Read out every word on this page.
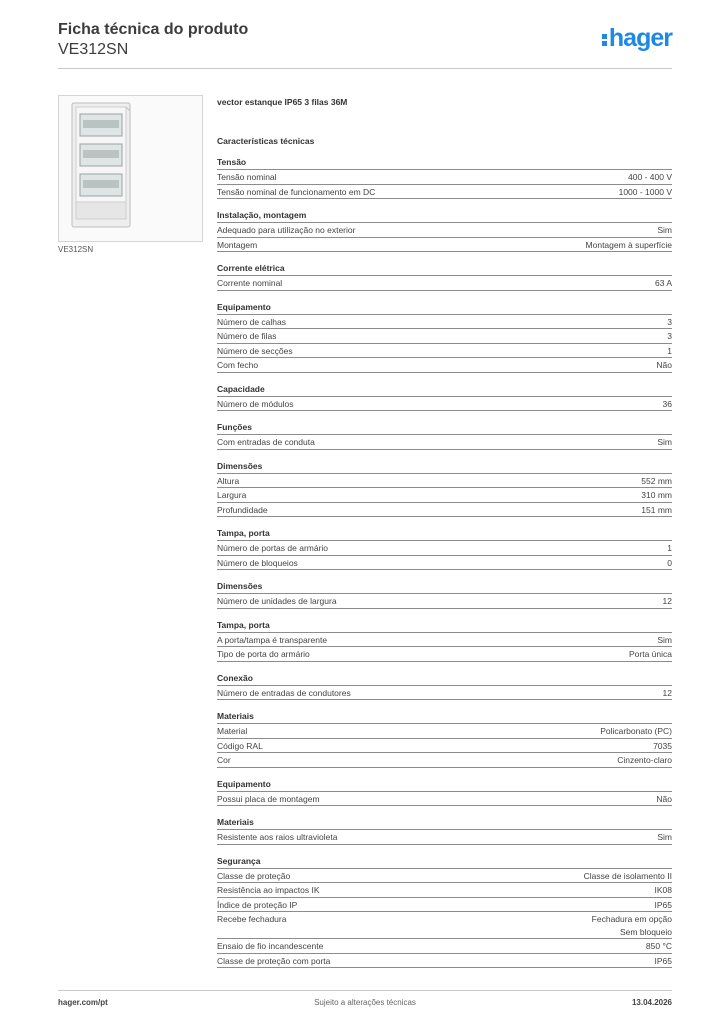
Ficha técnica do produto

VE312SN	hager
VE312SN
vector estanque IP65 3 filas 36M
Características técnicas
Tensão
Tensão nominal	400 - 400 V
Tensão nominal de funcionamento em DC	1000 - 1000 V
Instalação, montagem
Adequado para utilização no exterior	Sim
Montagem	Montagem à superfície
Corrente elétrica
Corrente nominal	63 A
Equipamento
Número de calhas	3
Número de filas	3
Número de secções	1
Com fecho	Não
Capacidade
Número de módulos	36
Funções
Com entradas de conduta	Sim
Dimensões
Altura	552 mm
Largura	310 mm
Profundidade	151 mm
Tampa, porta
Número de portas de armário	1
Número de bloqueios	0
Dimensões
Número de unidades de largura	12
Tampa, porta
A porta/tampa é transparente	Sim
Tipo de porta do armário	Porta única
Conexão
Número de entradas de condutores	12
Materiais
Material	Policarbonato (PC)
Código RAL	7035
Cor	Cinzento-claro
Equipamento
Possui placa de montagem	Não
Materiais
Resistente aos raios ultravioleta	Sim
Segurança
Classe de proteção	Classe de isolamento II
Resistência ao impactos IK	IK08
Índice de proteção IP	IP65
Recebe fechadura	Fechadura em opção
Sem bloqueio
Ensaio de fio incandescente	850 °C
Classe de proteção com porta	IP65
hager.com/pt	Sujeito a alterações técnicas	13.04.2026
